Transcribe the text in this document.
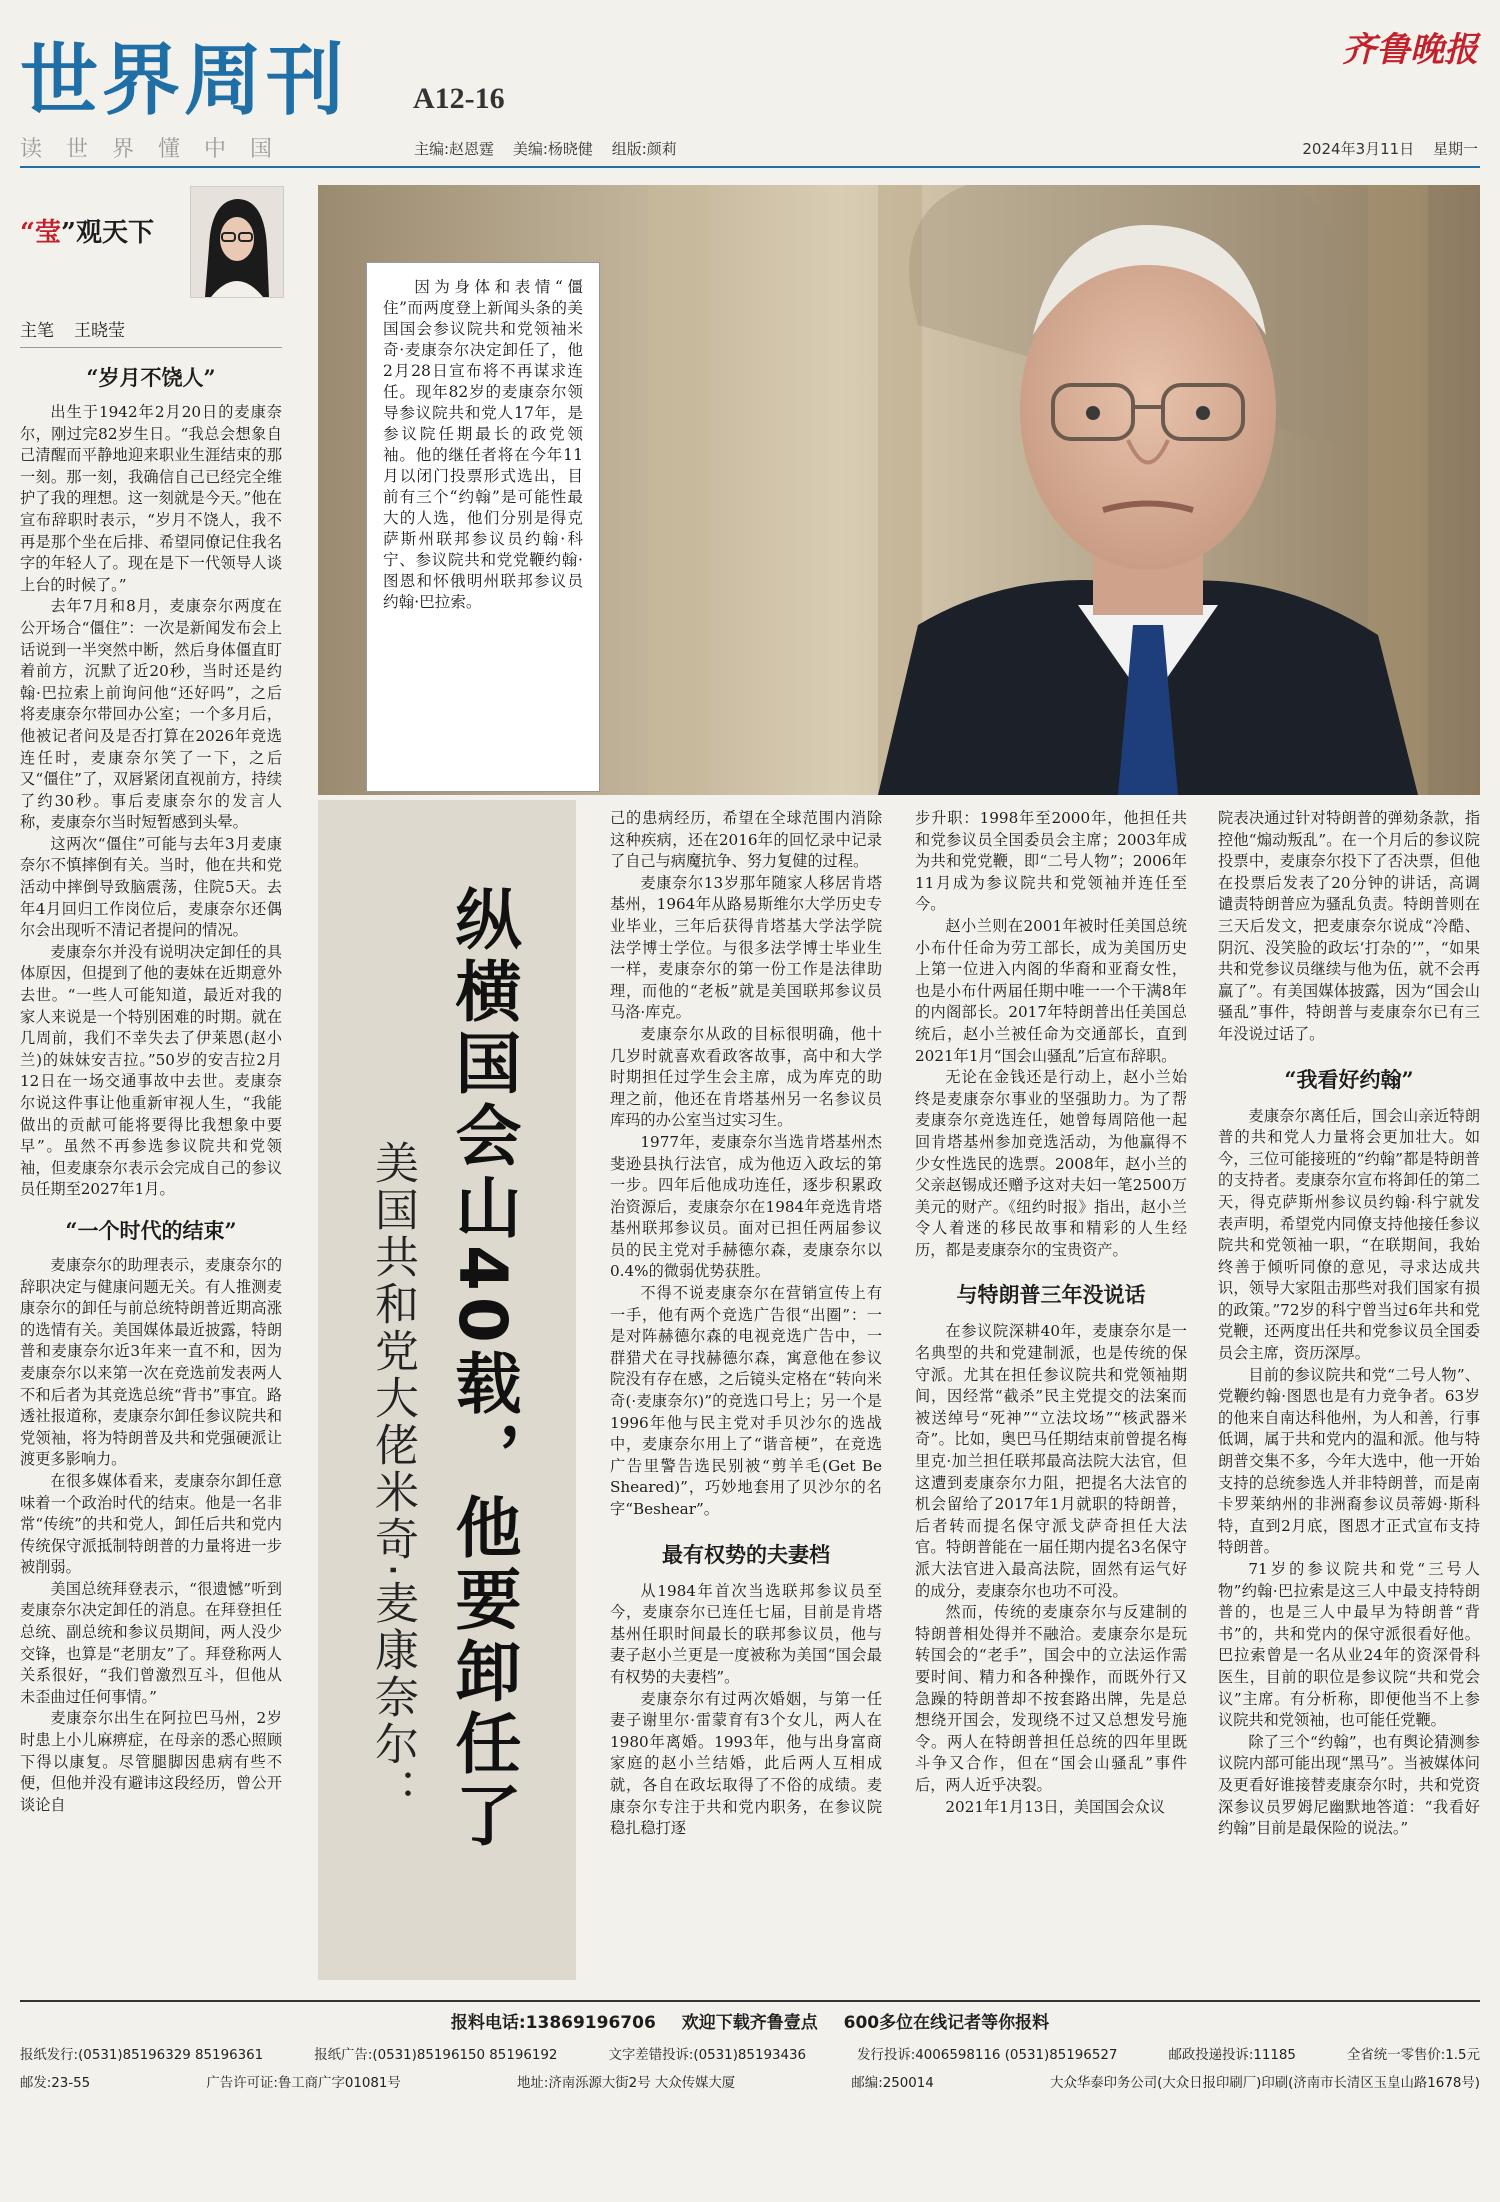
世界周刊 A12-16
齐鲁晚报
读世界懂中国	主编:赵恩霆 美编:杨晓健 组版:颜莉	2024年3月11日 星期一
“莹”观天下
主笔 王晓莹
“岁月不饶人”

出生于1942年2月20日的麦康奈尔，刚过完82岁生日。“我总会想象自己清醒而平静地迎来职业生涯结束的那一刻。那一刻，我确信自己已经完全维护了我的理想。这一刻就是今天。”他在宣布辞职时表示，“岁月不饶人，我不再是那个坐在后排、希望同僚记住我名字的年轻人了。现在是下一代领导人谈上台的时候了。”

去年7月和8月，麦康奈尔两度在公开场合“僵住”：一次是新闻发布会上话说到一半突然中断，然后身体僵直盯着前方，沉默了近20秒，当时还是约翰·巴拉索上前询问他“还好吗”，之后将麦康奈尔带回办公室；一个多月后，他被记者问及是否打算在2026年竞选连任时，麦康奈尔笑了一下，之后又“僵住”了，双唇紧闭直视前方，持续了约30秒。事后麦康奈尔的发言人称，麦康奈尔当时短暂感到头晕。

这两次“僵住”可能与去年3月麦康奈尔不慎摔倒有关。当时，他在共和党活动中摔倒导致脑震荡，住院5天。去年4月回归工作岗位后，麦康奈尔还偶尔会出现听不清记者提问的情况。

麦康奈尔并没有说明决定卸任的具体原因，但提到了他的妻妹在近期意外去世。“一些人可能知道，最近对我的家人来说是一个特别困难的时期。就在几周前，我们不幸失去了伊莱恩(赵小兰)的妹妹安吉拉。”50岁的安吉拉2月12日在一场交通事故中去世。麦康奈尔说这件事让他重新审视人生，“我能做出的贡献可能将要得比我想象中要早”。虽然不再参选参议院共和党领袖，但麦康奈尔表示会完成自己的参议员任期至2027年1月。

“一个时代的结束”

麦康奈尔的助理表示，麦康奈尔的辞职决定与健康问题无关。有人推测麦康奈尔的卸任与前总统特朗普近期高涨的选情有关。美国媒体最近披露，特朗普和麦康奈尔近3年来一直不和，因为麦康奈尔以来第一次在竞选前发表两人不和后者为其竞选总统“背书”事宜。路透社报道称，麦康奈尔卸任参议院共和党领袖，将为特朗普及共和党强硬派让渡更多影响力。

在很多媒体看来，麦康奈尔卸任意味着一个政治时代的结束。他是一名非常“传统”的共和党人，卸任后共和党内传统保守派抵制特朗普的力量将进一步被削弱。

美国总统拜登表示，“很遗憾”听到麦康奈尔决定卸任的消息。在拜登担任总统、副总统和参议员期间，两人没少交锋，也算是“老朋友”了。拜登称两人关系很好，“我们曾激烈互斗，但他从未歪曲过任何事情。”

麦康奈尔出生在阿拉巴马州，2岁时患上小儿麻痹症，在母亲的悉心照顾下得以康复。尽管腿脚因患病有些不便，但他并没有避讳这段经历，曾公开谈论自

因为身体和表情“僵住”而两度登上新闻头条的美国国会参议院共和党领袖米奇·麦康奈尔决定卸任了，他2月28日宣布将不再谋求连任。现年82岁的麦康奈尔领导参议院共和党人17年，是参议院任期最长的政党领袖。他的继任者将在今年11月以闭门投票形式选出，目前有三个“约翰”是可能性最大的人选，他们分别是得克萨斯州联邦参议员约翰·科宁、参议院共和党党鞭约翰·图恩和怀俄明州联邦参议员约翰·巴拉索。
纵横国会山40载，他要卸任了
美国共和党大佬米奇·麦康奈尔：

己的患病经历，希望在全球范围内消除这种疾病，还在2016年的回忆录中记录了自己与病魔抗争、努力复健的过程。

麦康奈尔13岁那年随家人移居肯塔基州，1964年从路易斯维尔大学历史专业毕业，三年后获得肯塔基大学法学院法学博士学位。与很多法学博士毕业生一样，麦康奈尔的第一份工作是法律助理，而他的“老板”就是美国联邦参议员马洛·库克。

麦康奈尔从政的目标很明确，他十几岁时就喜欢看政客故事，高中和大学时期担任过学生会主席，成为库克的助理之前，他还在肯塔基州另一名参议员库玛的办公室当过实习生。

1977年，麦康奈尔当选肯塔基州杰斐逊县执行法官，成为他迈入政坛的第一步。四年后他成功连任，逐步积累政治资源后，麦康奈尔在1984年竞选肯塔基州联邦参议员。面对已担任两届参议员的民主党对手赫德尔森，麦康奈尔以0.4%的微弱优势获胜。

不得不说麦康奈尔在营销宣传上有一手，他有两个竞选广告很“出圈”：一是对阵赫德尔森的电视竞选广告中，一群猎犬在寻找赫德尔森，寓意他在参议院没有存在感，之后镜头定格在“转向米奇(·麦康奈尔)”的竞选口号上；另一个是1996年他与民主党对手贝沙尔的选战中，麦康奈尔用上了“谐音梗”，在竞选广告里警告选民别被“剪羊毛(Get Be Sheared)”，巧妙地套用了贝沙尔的名字“Beshear”。

最有权势的夫妻档

从1984年首次当选联邦参议员至今，麦康奈尔已连任七届，目前是肯塔基州任职时间最长的联邦参议员，他与妻子赵小兰更是一度被称为美国“国会最有权势的夫妻档”。

麦康奈尔有过两次婚姻，与第一任妻子谢里尔·雷蒙育有3个女儿，两人在1980年离婚。1993年，他与出身富商家庭的赵小兰结婚，此后两人互相成就，各自在政坛取得了不俗的成绩。麦康奈尔专注于共和党内职务，在参议院稳扎稳打逐

步升职：1998年至2000年，他担任共和党参议员全国委员会主席；2003年成为共和党党鞭，即“二号人物”；2006年11月成为参议院共和党领袖并连任至今。

赵小兰则在2001年被时任美国总统小布什任命为劳工部长，成为美国历史上第一位进入内阁的华裔和亚裔女性，也是小布什两届任期中唯一一个干满8年的内阁部长。2017年特朗普出任美国总统后，赵小兰被任命为交通部长，直到2021年1月“国会山骚乱”后宣布辞职。

无论在金钱还是行动上，赵小兰始终是麦康奈尔事业的坚强助力。为了帮麦康奈尔竞选连任，她曾每周陪他一起回肯塔基州参加竞选活动，为他赢得不少女性选民的选票。2008年，赵小兰的父亲赵锡成还赠予这对夫妇一笔2500万美元的财产。《纽约时报》指出，赵小兰令人着迷的移民故事和精彩的人生经历，都是麦康奈尔的宝贵资产。

与特朗普三年没说话

在参议院深耕40年，麦康奈尔是一名典型的共和党建制派，也是传统的保守派。尤其在担任参议院共和党领袖期间，因经常“截杀”民主党提交的法案而被送绰号“死神”“立法坟场”“核武器米奇”。比如，奥巴马任期结束前曾提名梅里克·加兰担任联邦最高法院大法官，但这遭到麦康奈尔力阻，把提名大法官的机会留给了2017年1月就职的特朗普，后者转而提名保守派戈萨奇担任大法官。特朗普能在一届任期内提名3名保守派大法官进入最高法院，固然有运气好的成分，麦康奈尔也功不可没。

然而，传统的麦康奈尔与反建制的特朗普相处得并不融洽。麦康奈尔是玩转国会的“老手”，国会中的立法运作需要时间、精力和各种操作，而既外行又急躁的特朗普却不按套路出牌，先是总想绕开国会，发现绕不过又总想发号施令。两人在特朗普担任总统的四年里既斗争又合作，但在“国会山骚乱”事件后，两人近乎决裂。

2021年1月13日，美国国会众议

院表决通过针对特朗普的弹劾条款，指控他“煽动叛乱”。在一个月后的参议院投票中，麦康奈尔投下了否决票，但他在投票后发表了20分钟的讲话，高调谴责特朗普应为骚乱负责。特朗普则在三天后发文，把麦康奈尔说成“冷酷、阴沉、没笑脸的政坛‘打杂的’”，“如果共和党参议员继续与他为伍，就不会再赢了”。有美国媒体披露，因为“国会山骚乱”事件，特朗普与麦康奈尔已有三年没说过话了。

“我看好约翰”

麦康奈尔离任后，国会山亲近特朗普的共和党人力量将会更加壮大。如今，三位可能接班的“约翰”都是特朗普的支持者。麦康奈尔宣布将卸任的第二天，得克萨斯州参议员约翰·科宁就发表声明，希望党内同僚支持他接任参议院共和党领袖一职，“在联期间，我始终善于倾听同僚的意见，寻求达成共识，领导大家阻击那些对我们国家有损的政策。”72岁的科宁曾当过6年共和党党鞭，还两度出任共和党参议员全国委员会主席，资历深厚。

目前的参议院共和党“二号人物”、党鞭约翰·图恩也是有力竞争者。63岁的他来自南达科他州，为人和善，行事低调，属于共和党内的温和派。他与特朗普交集不多，今年大选中，他一开始支持的总统参选人并非特朗普，而是南卡罗莱纳州的非洲裔参议员蒂姆·斯科特，直到2月底，图恩才正式宣布支持特朗普。

71岁的参议院共和党“三号人物”约翰·巴拉索是这三人中最支持特朗普的，也是三人中最早为特朗普“背书”的，共和党内的保守派很看好他。巴拉索曾是一名从业24年的资深骨科医生，目前的职位是参议院“共和党会议”主席。有分析称，即便他当不上参议院共和党领袖，也可能任党鞭。

除了三个“约翰”，也有舆论猜测参议院内部可能出现“黑马”。当被媒体问及更看好谁接替麦康奈尔时，共和党资深参议员罗姆尼幽默地答道：“我看好约翰”目前是最保险的说法。”

报料电话:13869196706 欢迎下载齐鲁壹点 600多位在线记者等你报料
报纸发行:(0531)85196329 85196361	报纸广告:(0531)85196150 85196192	文字差错投诉:(0531)85193436	发行投诉:4006598116 (0531)85196527	邮政投递投诉:11185	全省统一零售价:1.5元
邮发:23-55	广告许可证:鲁工商广字01081号	地址:济南泺源大街2号 大众传媒大厦	邮编:250014	大众华泰印务公司(大众日报印刷厂)印刷(济南市长清区玉皇山路1678号)
